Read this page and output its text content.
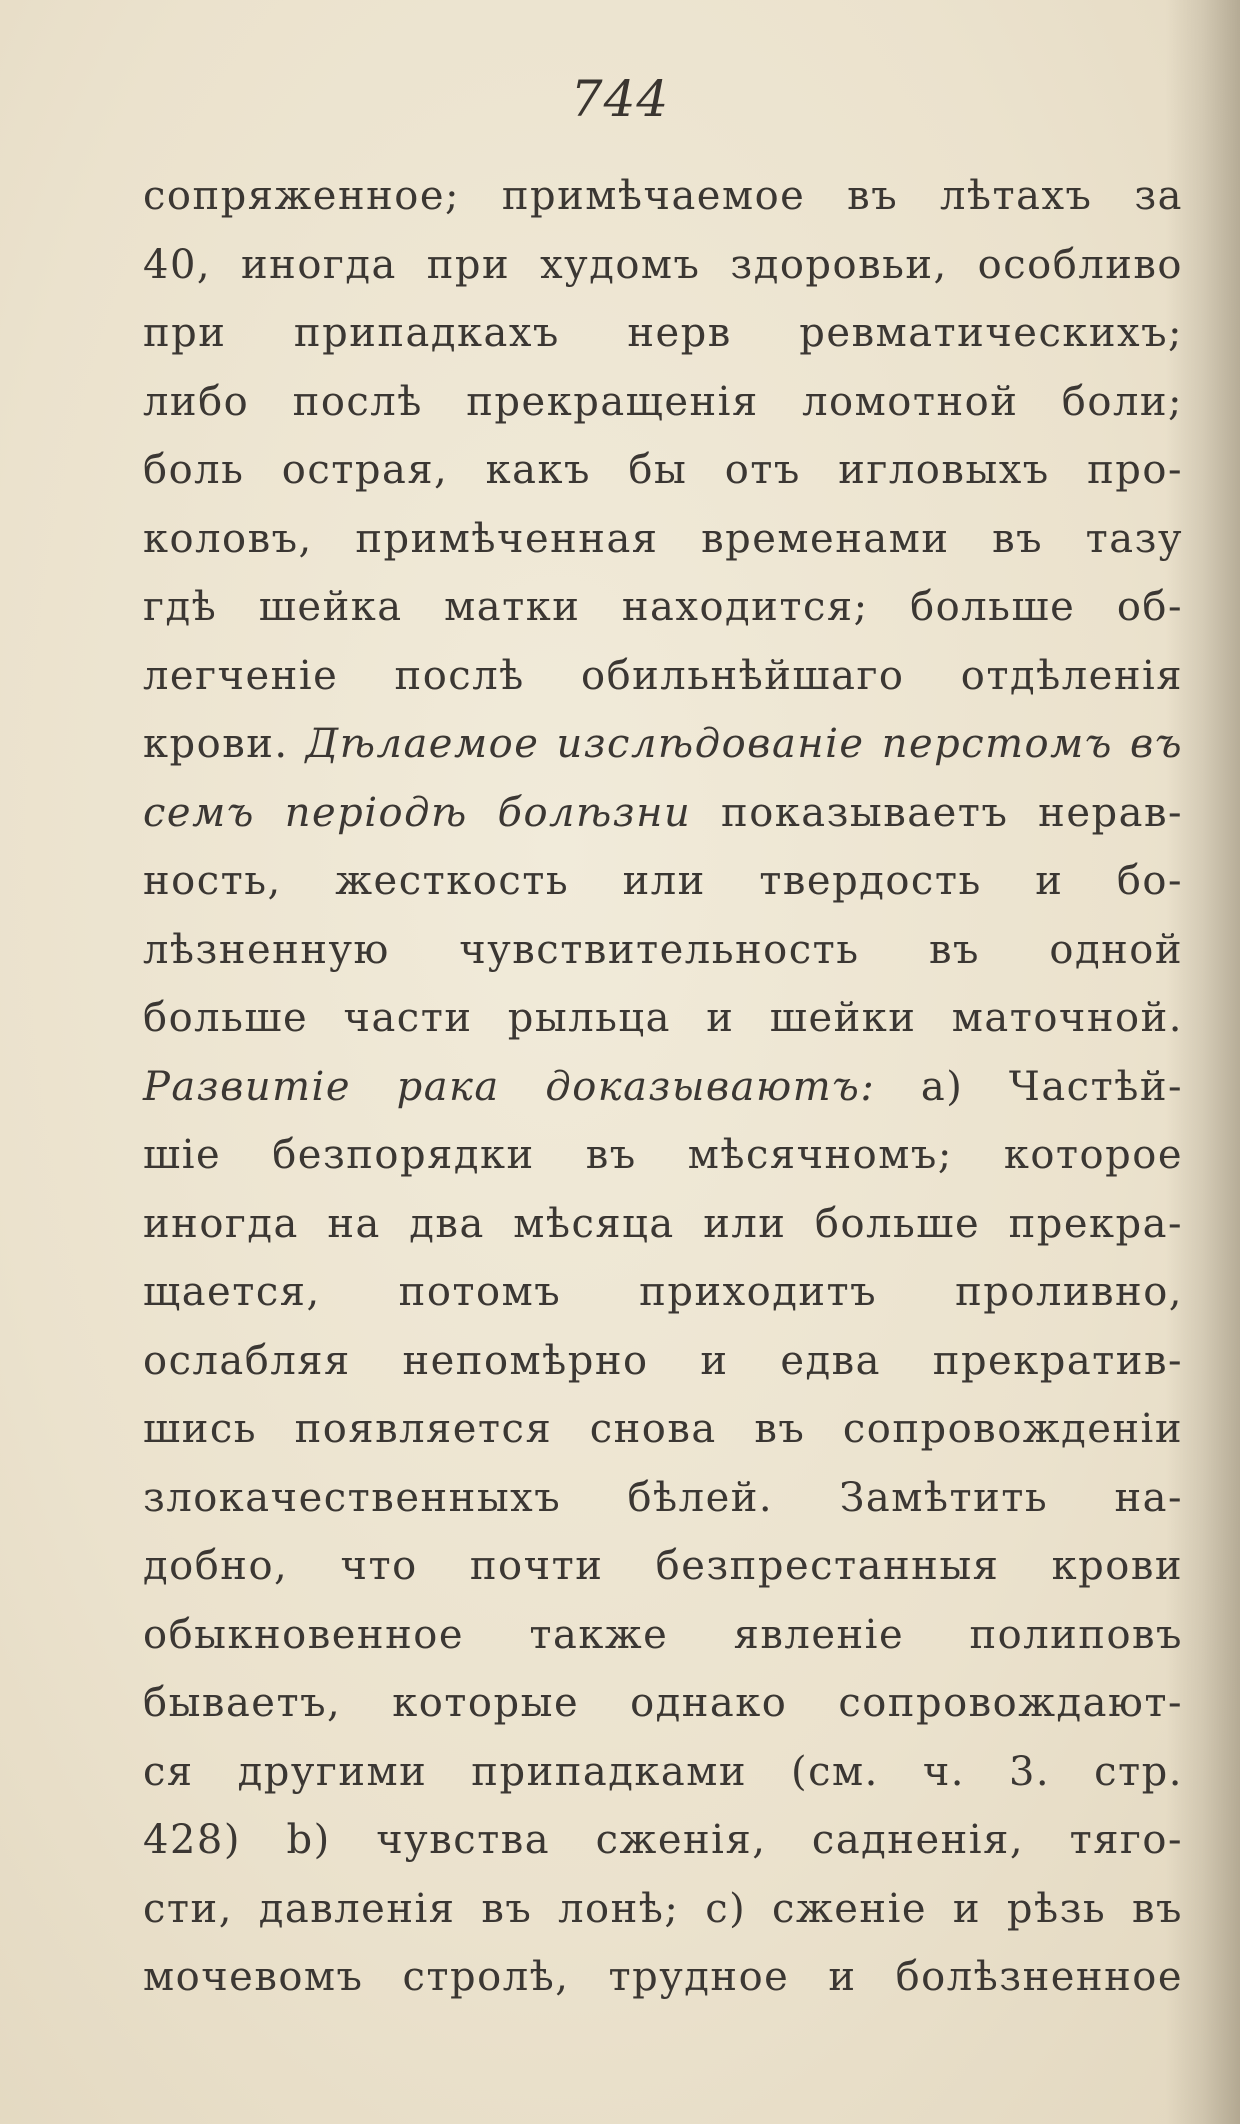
744
сопряженное; примѣчаемое въ лѣтахъ за
40, иногда при худомъ здоровьи, особливо
при припадкахъ нерв ревматическихъ;
либо послѣ прекращенія ломотной боли;
боль острая, какъ бы отъ игловыхъ про-
коловъ, примѣченная временами въ тазу
гдѣ шейка матки находится; больше об-
легченіе послѣ обильнѣйшаго отдѣленія
крови. Дѣлаемое изслѣдованіе перстомъ въ
семъ періодѣ болѣзни показываетъ нерав-
ность, жесткость или твердость и бо-
лѣзненную чувствительность въ одной
больше части рыльца и шейки маточной.
Развитіе рака доказываютъ: a) Частѣй-
шіе безпорядки въ мѣсячномъ; которое
иногда на два мѣсяца или больше прекра-
щается, потомъ приходитъ проливно,
ослабляя непомѣрно и едва прекратив-
шись появляется снова въ сопровожденіи
злокачественныхъ бѣлей. Замѣтить на-
добно, что почти безпрестанныя крови
обыкновенное также явленіе полиповъ
бываетъ, которые однако сопровождают-
ся другими припадками (см. ч. 3. стр.
428) b) чувства сженія, садненія, тяго-
сти, давленія въ лонѣ; c) сженіе и рѣзь въ
мочевомъ стролѣ, трудное и болѣзненное
